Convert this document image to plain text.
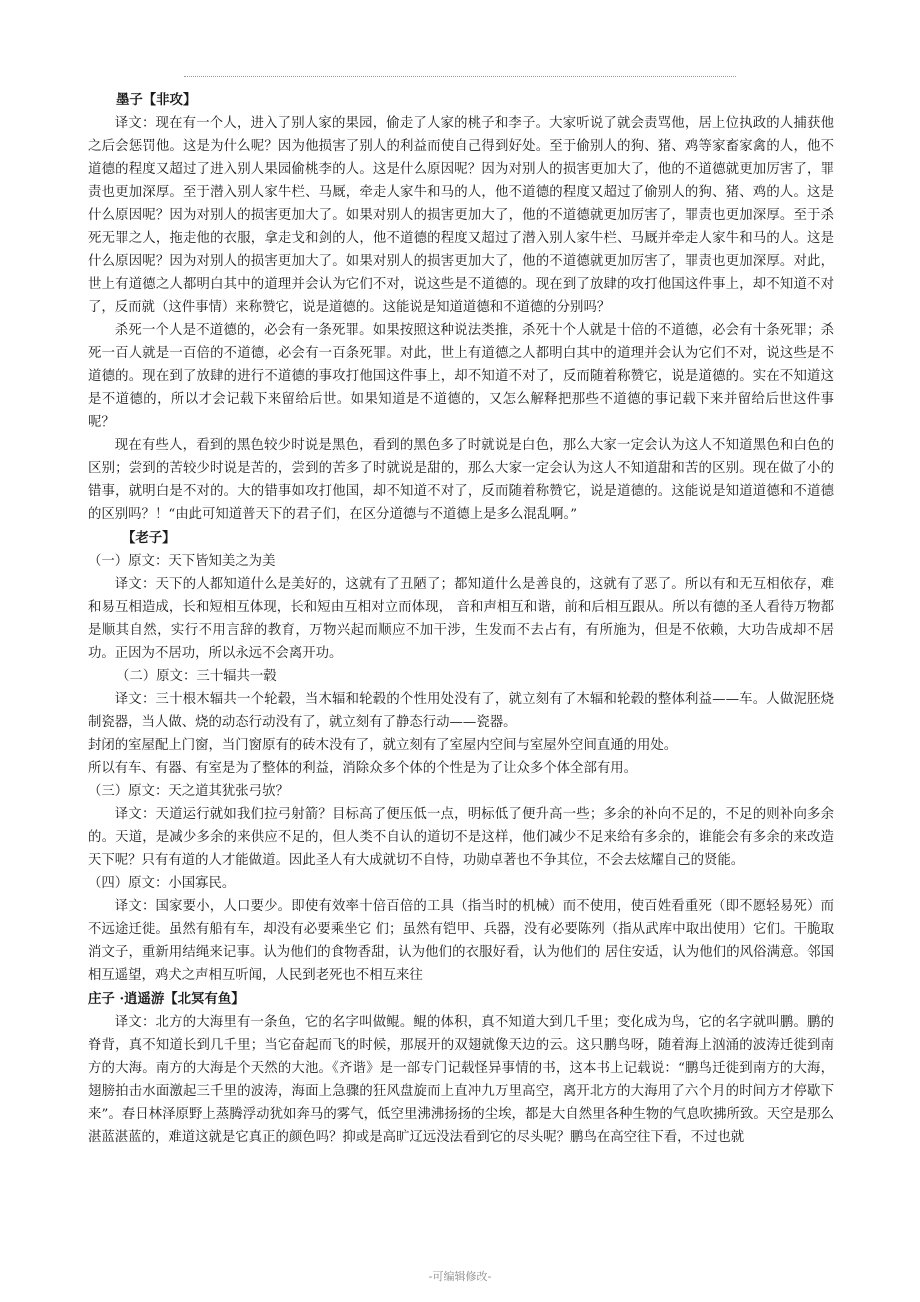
墨子【非攻】

译文：现在有一个人，进入了别人家的果园，偷走了人家的桃子和李子。大家听说了就会责骂他，居上位执政的人捕获他之后会惩罚他。这是为什么呢？因为他损害了别人的利益而使自己得到好处。至于偷别人的狗、猪、鸡等家畜家禽的人，他不道德的程度又超过了进入别人果园偷桃李的人。这是什么原因呢？因为对别人的损害更加大了，他的不道德就更加厉害了，罪责也更加深厚。至于潜入别人家牛栏、马厩，牵走人家牛和马的人，他不道德的程度又超过了偷别人的狗、猪、鸡的人。这是什么原因呢？因为对别人的损害更加大了。如果对别人的损害更加大了，他的不道德就更加厉害了，罪责也更加深厚。至于杀死无罪之人，拖走他的衣服，拿走戈和剑的人，他不道德的程度又超过了潜入别人家牛栏、马厩并牵走人家牛和马的人。这是什么原因呢？因为对别人的损害更加大了。如果对别人的损害更加大了，他的不道德就更加厉害了，罪责也更加深厚。对此，世上有道德之人都明白其中的道理并会认为它们不对，说这些是不道德的。现在到了放肆的攻打他国这件事上，却不知道不对了，反而就（这件事情）来称赞它，说是道德的。这能说是知道道德和不道德的分别吗？

杀死一个人是不道德的，必会有一条死罪。如果按照这种说法类推，杀死十个人就是十倍的不道德，必会有十条死罪；杀死一百人就是一百倍的不道德，必会有一百条死罪。对此，世上有道德之人都明白其中的道理并会认为它们不对，说这些是不道德的。现在到了放肆的进行不道德的事攻打他国这件事上，却不知道不对了，反而随着称赞它，说是道德的。实在不知道这是不道德的，所以才会记载下来留给后世。如果知道是不道德的，又怎么解释把那些不道德的事记载下来并留给后世这件事呢？

现在有些人，看到的黑色较少时说是黑色，看到的黑色多了时就说是白色，那么大家一定会认为这人不知道黑色和白色的区别；尝到的苦较少时说是苦的，尝到的苦多了时就说是甜的，那么大家一定会认为这人不知道甜和苦的区别。现在做了小的错事，就明白是不对的。大的错事如攻打他国，却不知道不对了，反而随着称赞它，说是道德的。这能说是知道道德和不道德的区别吗？！“由此可知道普天下的君子们，在区分道德与不道德上是多么混乱啊。”

【老子】

（一）原文：天下皆知美之为美

译文：天下的人都知道什么是美好的，这就有了丑陋了；都知道什么是善良的，这就有了恶了。所以有和无互相依存，难和易互相造成，长和短相互体现，长和短由互相对立而体现， 音和声相互和谐，前和后相互跟从。所以有德的圣人看待万物都是顺其自然，实行不用言辞的教育，万物兴起而顺应不加干涉，生发而不去占有，有所施为，但是不依赖，大功告成却不居功。正因为不居功，所以永远不会离开功。

（二）原文：三十辐共一毂

译文：三十根木辐共一个轮毂，当木辐和轮毂的个性用处没有了，就立刻有了木辐和轮毂的整体利益——车。人做泥胚烧制瓷器，当人做、烧的动态行动没有了，就立刻有了静态行动——瓷器。

封闭的室屋配上门窗，当门窗原有的砖木没有了，就立刻有了室屋内空间与室屋外空间直通的用处。

所以有车、有器、有室是为了整体的利益，消除众多个体的个性是为了让众多个体全部有用。

（三）原文：天之道其犹张弓欤？

译文：天道运行就如我们拉弓射箭？目标高了便压低一点，明标低了便升高一些；多余的补向不足的，不足的则补向多余的。天道，是减少多余的来供应不足的，但人类不自认的道切不是这样，他们减少不足来给有多余的，谁能会有多余的来改造天下呢？只有有道的人才能做道。因此圣人有大成就切不自恃，功勋卓著也不争其位，不会去炫耀自己的贤能。

（四）原文：小国寡民。

译文：国家要小，人口要少。即使有效率十倍百倍的工具（指当时的机械）而不使用，使百姓看重死（即不愿轻易死）而不远途迁徙。虽然有船有车，却没有必要乘坐它 们；虽然有铠甲、兵器，没有必要陈列（指从武库中取出使用）它们。干脆取消文子，重新用结绳来记事。认为他们的食物香甜，认为他们的衣服好看，认为他们的 居住安适，认为他们的风俗满意。邻国相互遥望，鸡犬之声相互听闻，人民到老死也不相互来往

庄子 ·逍遥游【北冥有鱼】

译文：北方的大海里有一条鱼，它的名字叫做鲲。鲲的体积，真不知道大到几千里；变化成为鸟，它的名字就叫鹏。鹏的脊背，真不知道长到几千里；当它奋起而飞的时候，那展开的双翅就像天边的云。这只鹏鸟呀，随着海上汹涌的波涛迁徙到南方的大海。南方的大海是个天然的大池。《齐谐》是一部专门记载怪异事情的书，这本书上记载说：“鹏鸟迁徙到南方的大海，翅膀拍击水面激起三千里的波涛，海面上急骤的狂风盘旋而上直冲九万里高空，离开北方的大海用了六个月的时间方才停歇下来”。春日林泽原野上蒸腾浮动犹如奔马的雾气，低空里沸沸扬扬的尘埃，都是大自然里各种生物的气息吹拂所致。天空是那么湛蓝湛蓝的，难道这就是它真正的颜色吗？抑或是高旷辽远没法看到它的尽头呢？鹏鸟在高空往下看，不过也就

-可编辑修改-
